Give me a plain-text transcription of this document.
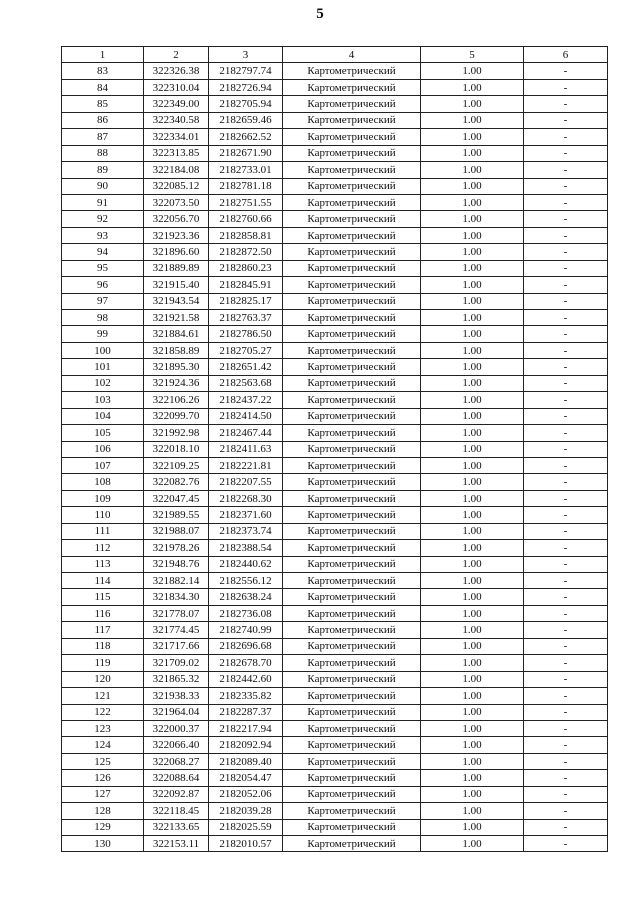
5
1	2	3	4	5	6
83	322326.38	2182797.74	Картометрический	1.00	-
84	322310.04	2182726.94	Картометрический	1.00	-
85	322349.00	2182705.94	Картометрический	1.00	-
86	322340.58	2182659.46	Картометрический	1.00	-
87	322334.01	2182662.52	Картометрический	1.00	-
88	322313.85	2182671.90	Картометрический	1.00	-
89	322184.08	2182733.01	Картометрический	1.00	-
90	322085.12	2182781.18	Картометрический	1.00	-
91	322073.50	2182751.55	Картометрический	1.00	-
92	322056.70	2182760.66	Картометрический	1.00	-
93	321923.36	2182858.81	Картометрический	1.00	-
94	321896.60	2182872.50	Картометрический	1.00	-
95	321889.89	2182860.23	Картометрический	1.00	-
96	321915.40	2182845.91	Картометрический	1.00	-
97	321943.54	2182825.17	Картометрический	1.00	-
98	321921.58	2182763.37	Картометрический	1.00	-
99	321884.61	2182786.50	Картометрический	1.00	-
100	321858.89	2182705.27	Картометрический	1.00	-
101	321895.30	2182651.42	Картометрический	1.00	-
102	321924.36	2182563.68	Картометрический	1.00	-
103	322106.26	2182437.22	Картометрический	1.00	-
104	322099.70	2182414.50	Картометрический	1.00	-
105	321992.98	2182467.44	Картометрический	1.00	-
106	322018.10	2182411.63	Картометрический	1.00	-
107	322109.25	2182221.81	Картометрический	1.00	-
108	322082.76	2182207.55	Картометрический	1.00	-
109	322047.45	2182268.30	Картометрический	1.00	-
110	321989.55	2182371.60	Картометрический	1.00	-
111	321988.07	2182373.74	Картометрический	1.00	-
112	321978.26	2182388.54	Картометрический	1.00	-
113	321948.76	2182440.62	Картометрический	1.00	-
114	321882.14	2182556.12	Картометрический	1.00	-
115	321834.30	2182638.24	Картометрический	1.00	-
116	321778.07	2182736.08	Картометрический	1.00	-
117	321774.45	2182740.99	Картометрический	1.00	-
118	321717.66	2182696.68	Картометрический	1.00	-
119	321709.02	2182678.70	Картометрический	1.00	-
120	321865.32	2182442.60	Картометрический	1.00	-
121	321938.33	2182335.82	Картометрический	1.00	-
122	321964.04	2182287.37	Картометрический	1.00	-
123	322000.37	2182217.94	Картометрический	1.00	-
124	322066.40	2182092.94	Картометрический	1.00	-
125	322068.27	2182089.40	Картометрический	1.00	-
126	322088.64	2182054.47	Картометрический	1.00	-
127	322092.87	2182052.06	Картометрический	1.00	-
128	322118.45	2182039.28	Картометрический	1.00	-
129	322133.65	2182025.59	Картометрический	1.00	-
130	322153.11	2182010.57	Картометрический	1.00	-
